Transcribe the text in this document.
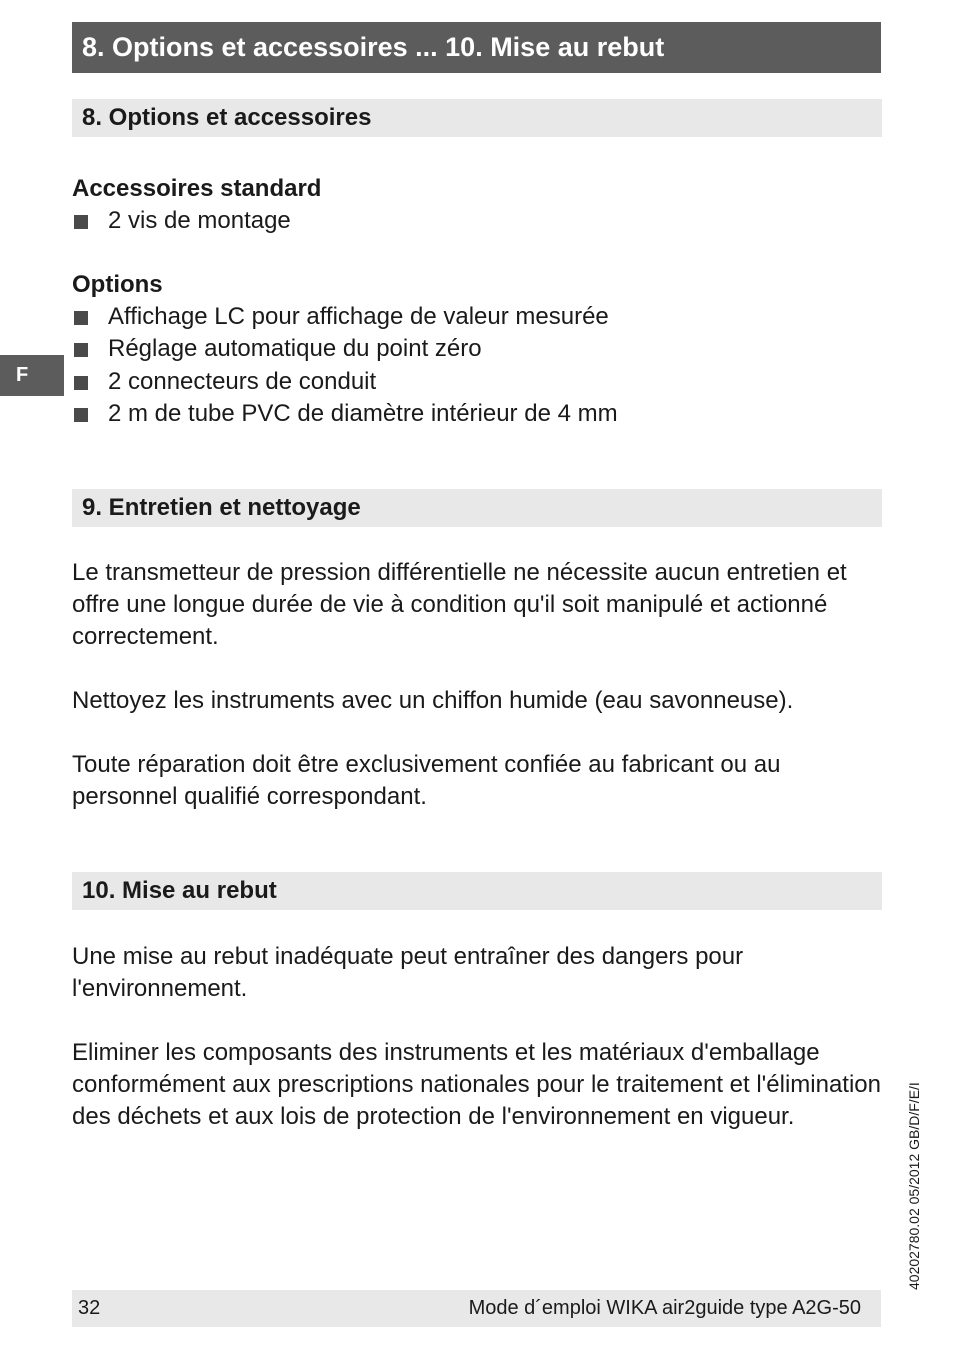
8. Options et accessoires ... 10. Mise au rebut
F
8. Options et accessoires
Accessoires standard
2 vis de montage
Options
Affichage LC pour affichage de valeur mesurée
Réglage automatique du point zéro
2 connecteurs de conduit
2 m de tube PVC de diamètre intérieur de 4 mm
9. Entretien et nettoyage

Le transmetteur de pression différentielle ne nécessite aucun entretien et offre une longue durée de vie à condition qu'il soit manipulé et actionné correctement.

Nettoyez les instruments avec un chiffon humide (eau savonneuse).

Toute réparation doit être exclusivement confiée au fabricant ou au personnel qualifié correspondant.

10. Mise au rebut

Une mise au rebut inadéquate peut entraîner des dangers pour l'environnement.

Eliminer les composants des instruments et les matériaux d'emballage conformément aux prescriptions nationales pour le traitement et l'élimination des déchets et aux lois de protection de l'environnement en vigueur.	40202780.02 05/2012 GB/D/F/E/I
32	Mode d´emploi WIKA air2guide type A2G-50
